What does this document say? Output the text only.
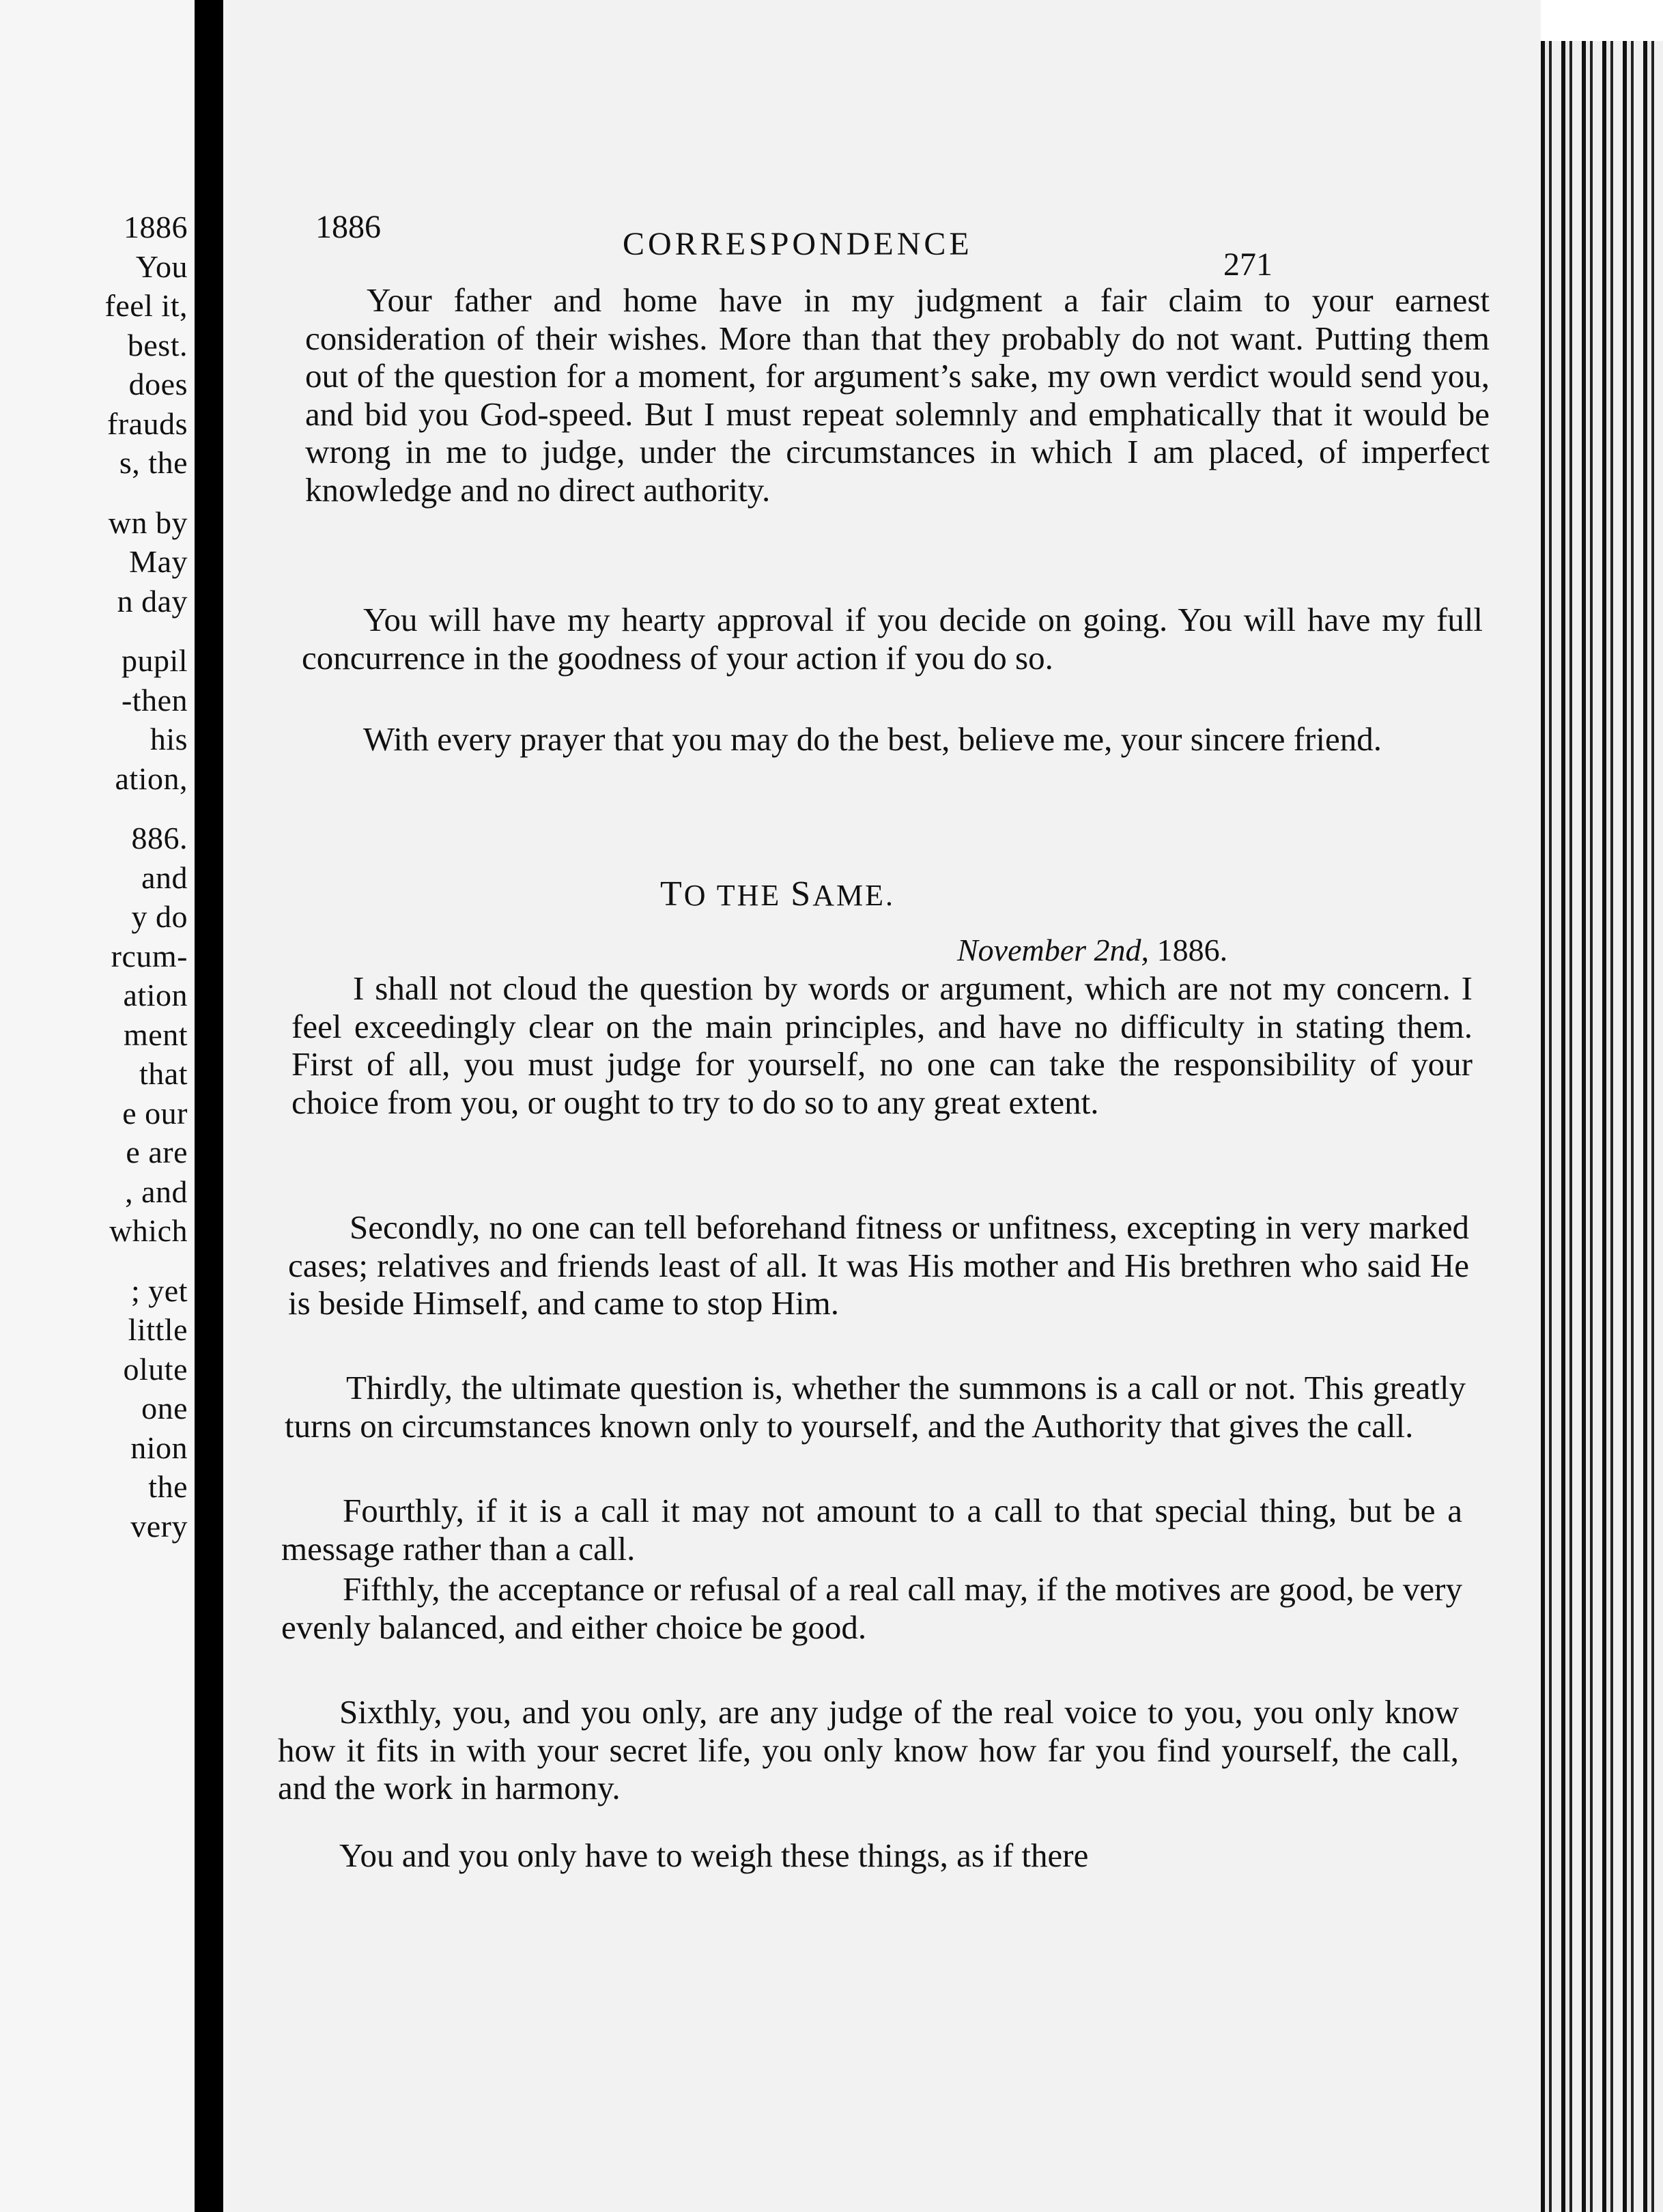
1886
You
feel it,
best.
does
frauds
s, the
wn by
May
n day
pupil
-then
his
ation,
886.
and
y do
rcum-
ation
ment
that
e our
e are
, and
which
; yet
little
olute
one
nion
the
very
1886	CORRESPONDENCE
271
Your father and home have in my judgment a fair claim to your earnest consideration of their wishes. More than that they probably do not want. Putting them out of the question for a moment, for argument’s sake, my own verdict would send you, and bid you God-speed. But I must repeat solemnly and emphatically that it would be wrong in me to judge, under the circumstances in which I am placed, of imperfect knowledge and no direct authority.
You will have my hearty approval if you decide on going. You will have my full concurrence in the goodness of your action if you do so.
With every prayer that you may do the best, believe me, your sincere friend.
TO THE SAME.
November 2nd, 1886.
I shall not cloud the question by words or argument, which are not my concern. I feel exceedingly clear on the main principles, and have no difficulty in stating them. First of all, you must judge for yourself, no one can take the responsibility of your choice from you, or ought to try to do so to any great extent.
Secondly, no one can tell beforehand fitness or unfitness, excepting in very marked cases; relatives and friends least of all. It was His mother and His brethren who said He is beside Himself, and came to stop Him.
Thirdly, the ultimate question is, whether the summons is a call or not. This greatly turns on circumstances known only to yourself, and the Authority that gives the call.
Fourthly, if it is a call it may not amount to a call to that special thing, but be a message rather than a call.
Fifthly, the acceptance or refusal of a real call may, if the motives are good, be very evenly balanced, and either choice be good.
Sixthly, you, and you only, are any judge of the real voice to you, you only know how it fits in with your secret life, you only know how far you find yourself, the call, and the work in harmony.
You and you only have to weigh these things, as if there
